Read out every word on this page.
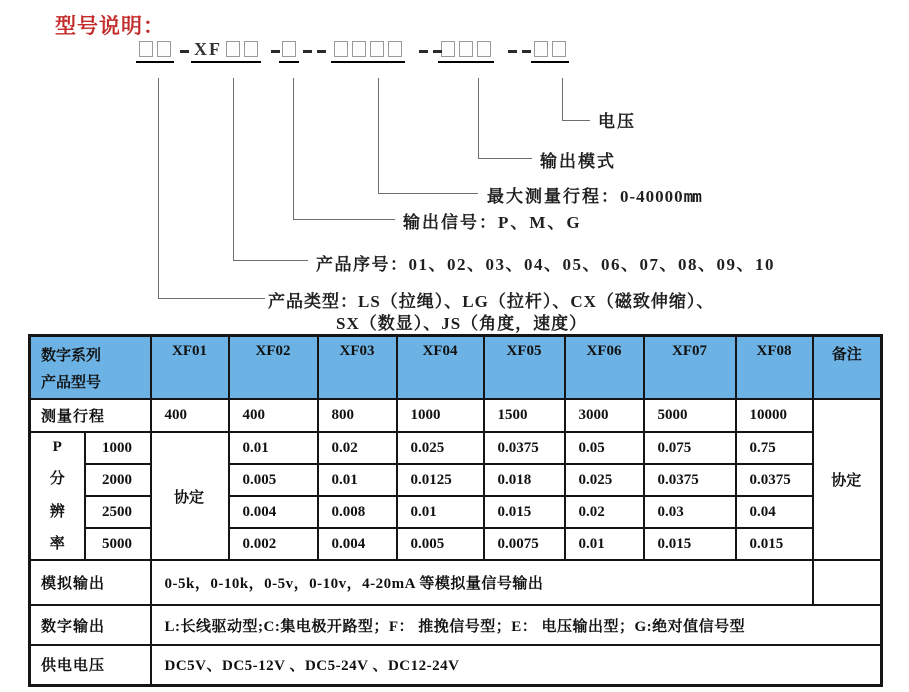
型号说明：
XF
电压
输出模式
最大测量行程：0-40000mm
输出信号：P、M、G
产品序号：01、02、03、04、05、06、07、08、09、10
产品类型：LS（拉绳）、LG（拉杆）、CX（磁致伸缩）、
SX（数显）、JS（角度，速度）
数字系列
产品型号		XF01	XF02	XF03	XF04	XF05	XF06	XF07	XF08	备注
测量行程		400	400	800	1000	1500	3000	5000	10000	协定

P
分
辨
率	1000	协定	0.01	0.02	0.025	0.0375	0.05	0.075	0.75	
	2000		0.005	0.01	0.0125	0.018	0.025	0.0375	0.0375	
	2500		0.004	0.008	0.01	0.015	0.02	0.03	0.04	
	5000		0.002	0.004	0.005	0.0075	0.01	0.015	0.015	
模拟输出		0-5k，0-10k，0-5v，0-10v，4-20mA 等模拟量信号输出								
数字输出		L:长线驱动型;C:集电极开路型；F： 推挽信号型；E： 电压输出型；G:绝对值信号型								
供电电压		DC5V、DC5-12V 、DC5-24V 、DC12-24V								
